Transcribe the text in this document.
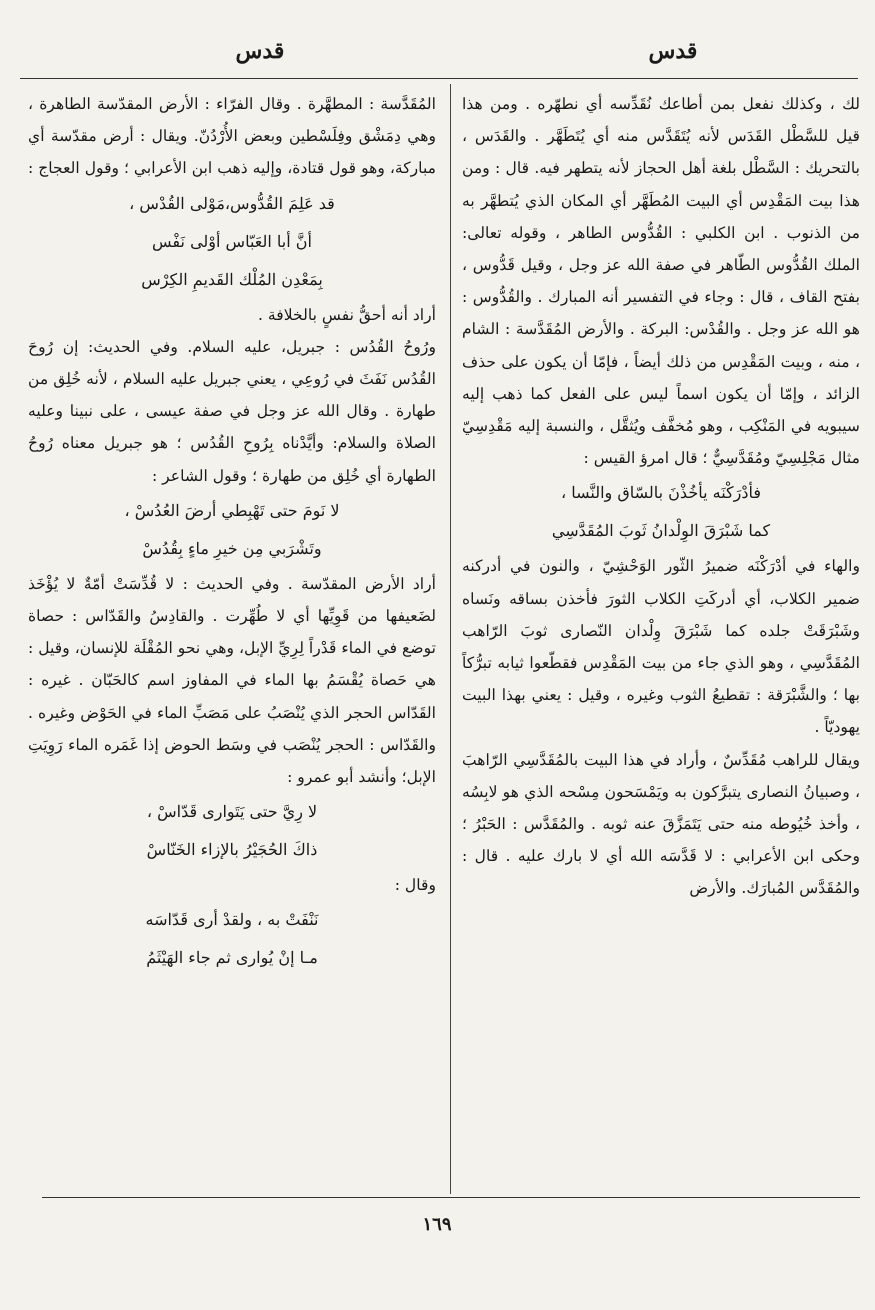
قدس
قدس

لك ، وكذلك نفعل بمن أطاعك نُقَدِّسه أي نطهّره . ومن هذا قيل للسَّطْل القَدَس لأنه يُتَقَدَّس منه أي يُتَطَهَّر . والقَدَس ، بالتحريك : السَّطْل بلغة أهل الحجاز لأنه يتطهر فيه. قال : ومن هذا بيت المَقْدِس أي البيت المُطَهَّر أي المكان الذي يُتطهَّر به من الذنوب . ابن الكلبي : القُدُّوس الطاهر ، وقوله تعالى: الملك القُدُّوس الطّاهر في صفة الله عز وجل ، وقيل قَدُّوس ، بفتح القاف ، قال : وجاء في التفسير أنه المبارك . والقُدُّوس : هو الله عز وجل . والقُدْس: البركة . والأرض المُقَدَّسة : الشام ، منه ، وبيت المَقْدِس من ذلك أيضاً ، فإمّا أن يكون على حذف الزائد ، وإمّا أن يكون اسماً ليس على الفعل كما ذهب إليه سيبويه في المَنْكِب ، وهو مُخفَّف ويُثقَّل ، والنسبة إليه مَقْدِسِيّ مثال مَجْلِسِيّ ومُقَدَّسِيٌّ ؛ قال امرؤ القيس :

فأدْرَكْنَه يأخُذْنَ بالسّاق والنَّسا ،

كما شَبْرَقَ الوِلْدانُ ثَوبَ المُقَدَّسِي

والهاء في أدْرَكْنَه ضميرُ الثّور الوَحْشِيّ ، والنون في أدركنه ضمير الكلاب، أي أدركَتِ الكلاب الثورَ فأخذن بساقه ونَساه وشَبْرَقَتْ جلده كما شَبْرَقَ وِلْدان النّصارى ثوبَ الرّاهب المُقَدَّسِي ، وهو الذي جاء من بيت المَقْدِس فقطّعوا ثيابه تبرُّكاً بها ؛ والشَّبْرَقة : تقطيعُ الثوب وغيره ، وقيل : يعني بهذا البيت يهوديّاً .

ويقال للراهب مُقَدِّسٌ ، وأراد في هذا البيت بالمُقَدَّسِي الرّاهبَ ، وصبيانُ النصارى يتبرَّكون به ويَمْسَحون مِسْحه الذي هو لابِسُه ، وأخذ خُيُوطه منه حتى يَتَمَزَّقَ عنه ثوبه . والمُقَدَّس : الحَبْرُ ؛ وحكى ابن الأعرابي : لا قَدَّسَه الله أي لا بارك عليه . قال : والمُقَدَّس المُبارَك. والأرض

المُقَدَّسة : المطهَّرة . وقال الفرّاء : الأرض المقدّسة الطاهرة ، وهي دِمَشْق وفِلَسْطين وبعض الأُرْدُنّ. ويقال : أرض مقدّسة أي مباركة، وهو قول قتادة، وإليه ذهب ابن الأعرابي ؛ وقول العجاج :

قد عَلِمَ القُدُّوس،مَوْلى القُدْس ،

أنَّ أبا العَبّاس أوْلى نَفْس

بِمَعْدِن المُلْك القَديمِ الكِرْس

أراد أنه أحقُّ نفسٍ بالخلافة .

ورُوحُ القُدُس : جبريل، عليه السلام. وفي الحديث: إن رُوحَ القُدُس نَفَثَ في رُوعِي ، يعني جبريل عليه السلام ، لأنه خُلِق من طهارة . وقال الله عز وجل في صفة عيسى ، على نبينا وعليه الصلاة والسلام: وأيَّدْناه بِرُوحِ القُدُس ؛ هو جبريل معناه رُوحُ الطهارة أي خُلِق من طهارة ؛ وقول الشاعر :

لا نَومَ حتى تَهْبِطي أرضَ العُدُسْ ،

وتَشْرَبي مِن خيرِ ماءٍ بِقُدُسْ

أراد الأرض المقدّسة . وفي الحديث : لا قُدِّسَتْ أمّةٌ لا يُؤْخَذ لضَعيفها من قَوِيِّها أي لا طُهِّرت . والقادِسُ والقَدّاس : حصاة توضع في الماء قَدْراً لِرِيِّ الإبل، وهي نحو المُقْلَة للإنسان، وقيل : هي حَصاة يُقْسَمُ بها الماء في المفاوز اسم كالحَبّان . غيره : القَدّاس الحجر الذي يُنْصَبُ على مَصَبِّ الماء في الحَوْض وغيره . والقَدّاس : الحجر يُنْصَب في وسَط الحوض إذا غَمَره الماء رَوِيَتِ الإبل؛ وأنشد أبو عمرو :

لا رِيَّ حتى يَتَوارى قَدّاسْ ،

ذاكَ الحُجَيْرُ بالإزاء الخَنّاسْ

وقال :

نَنْفَتْ به ، ولقدْ أرى قَدّاسَه

مـا إنْ يُوارى ثم جاء الهَيْثَمُ

١٦٩
